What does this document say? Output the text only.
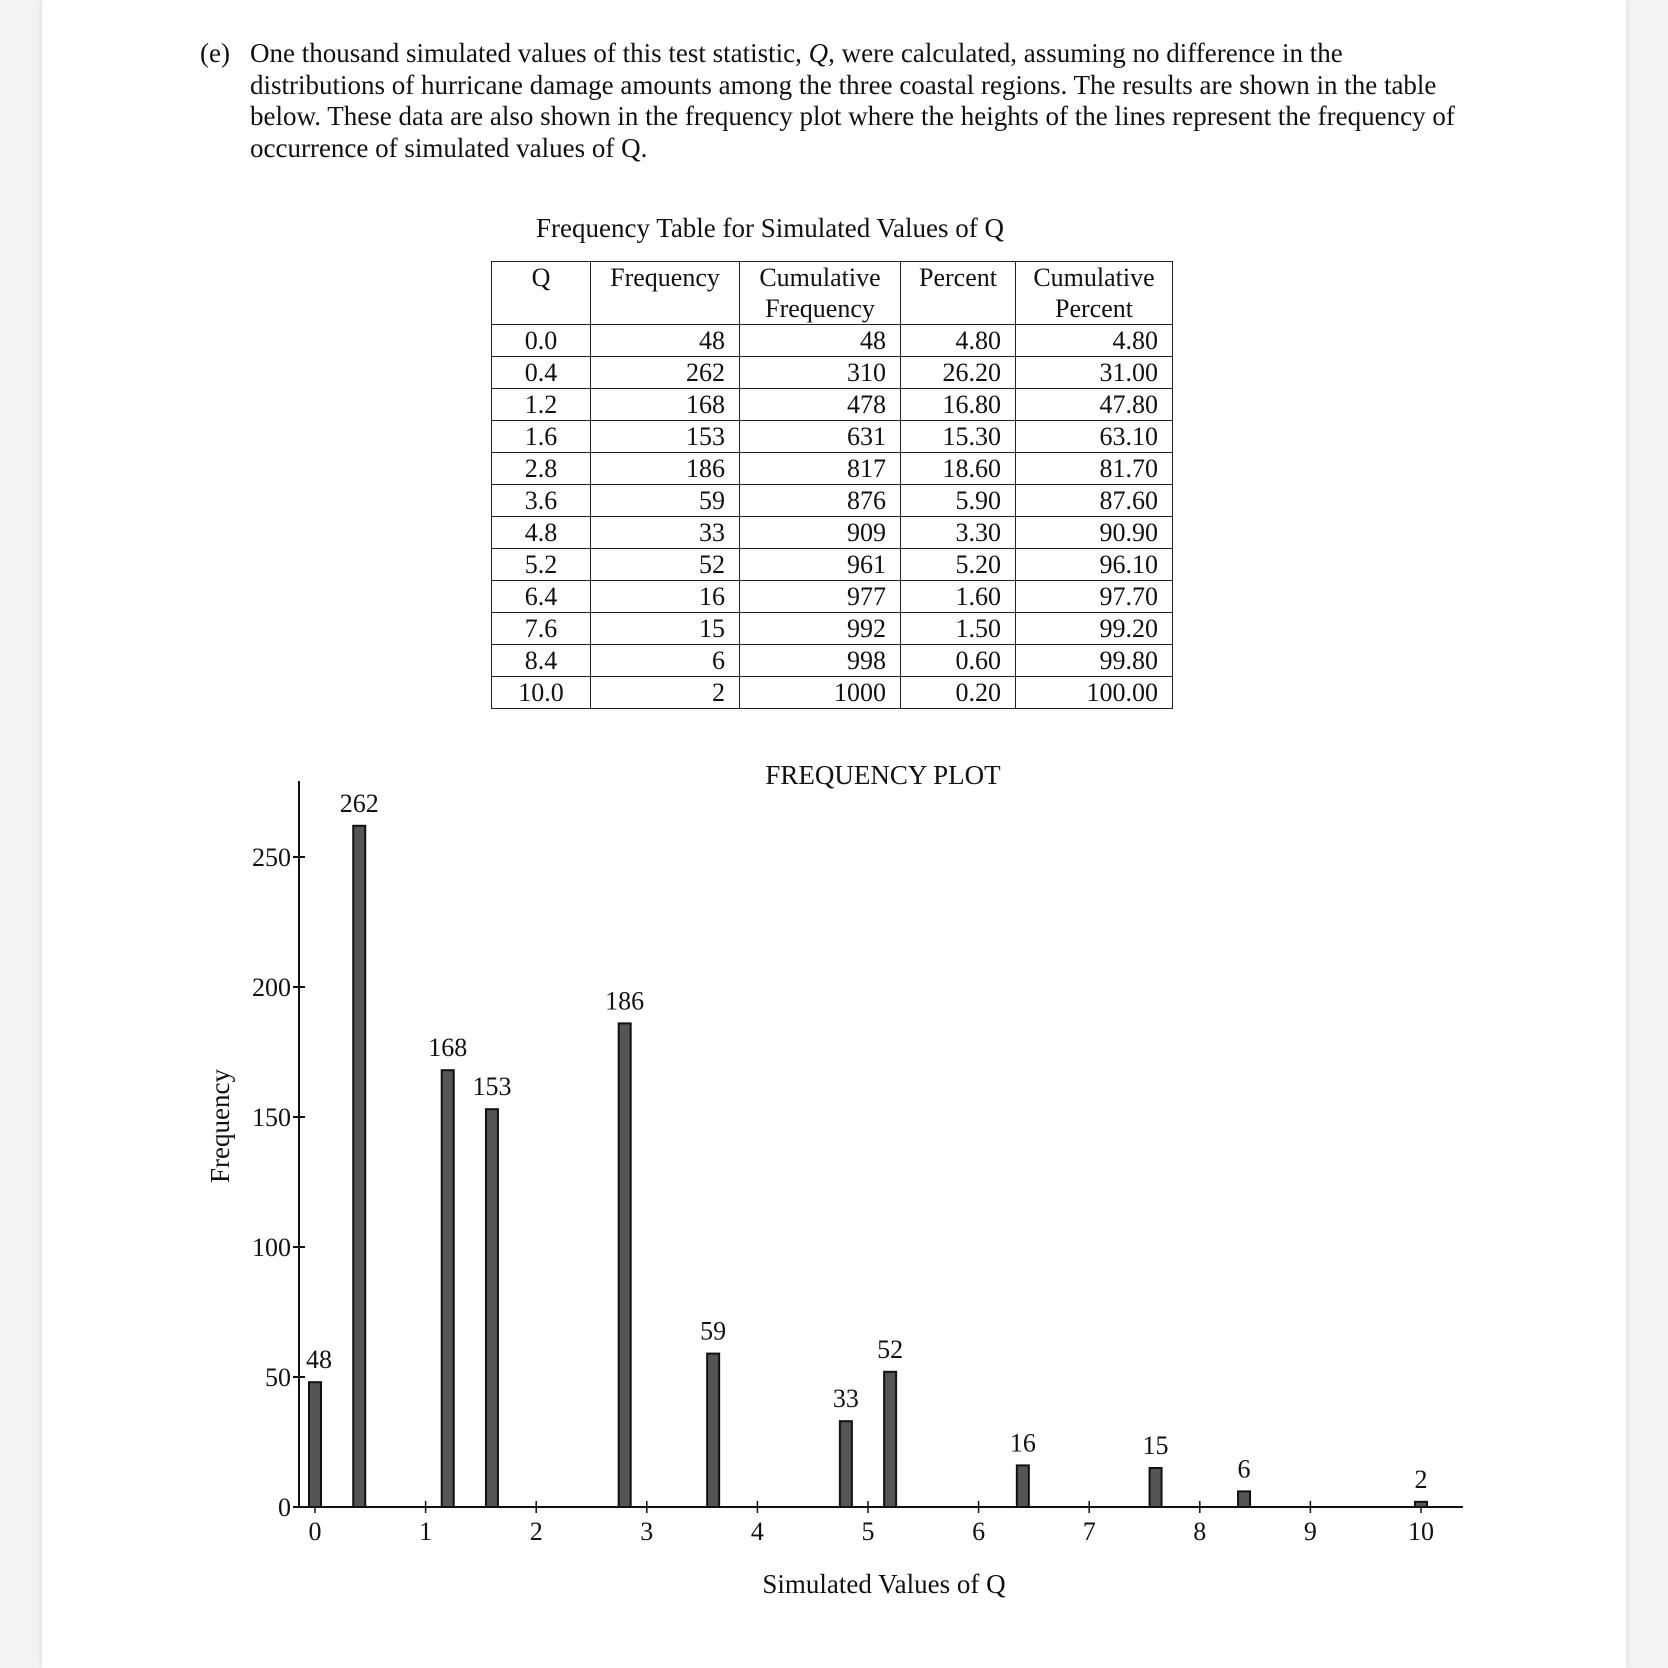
(e) One thousand simulated values of this test statistic, Q, were calculated, assuming no difference in the distributions of hurricane damage amounts among the three coastal regions. The results are shown in the table below. These data are also shown in the frequency plot where the heights of the lines represent the frequency of occurrence of simulated values of Q.
Frequency Table for Simulated Values of Q
Q	Frequency	Cumulative Frequency	Percent	Cumulative Percent
0.0	48	48	4.80	4.80
0.4	262	310	26.20	31.00
1.2	168	478	16.80	47.80
1.6	153	631	15.30	63.10
2.8	186	817	18.60	81.70
3.6	59	876	5.90	87.60
4.8	33	909	3.30	90.90
5.2	52	961	5.20	96.10
6.4	16	977	1.60	97.70
7.6	15	992	1.50	99.20
8.4	6	998	0.60	99.80
10.0	2	1000	0.20	100.00
FREQUENCY PLOT
0
50
100
150
200
250
0	1	2	3	4	5	6	7	8	9	10
48
262
168
153
186
59
33
52
16	15
6	2
Simulated Values of Q
Frequency
